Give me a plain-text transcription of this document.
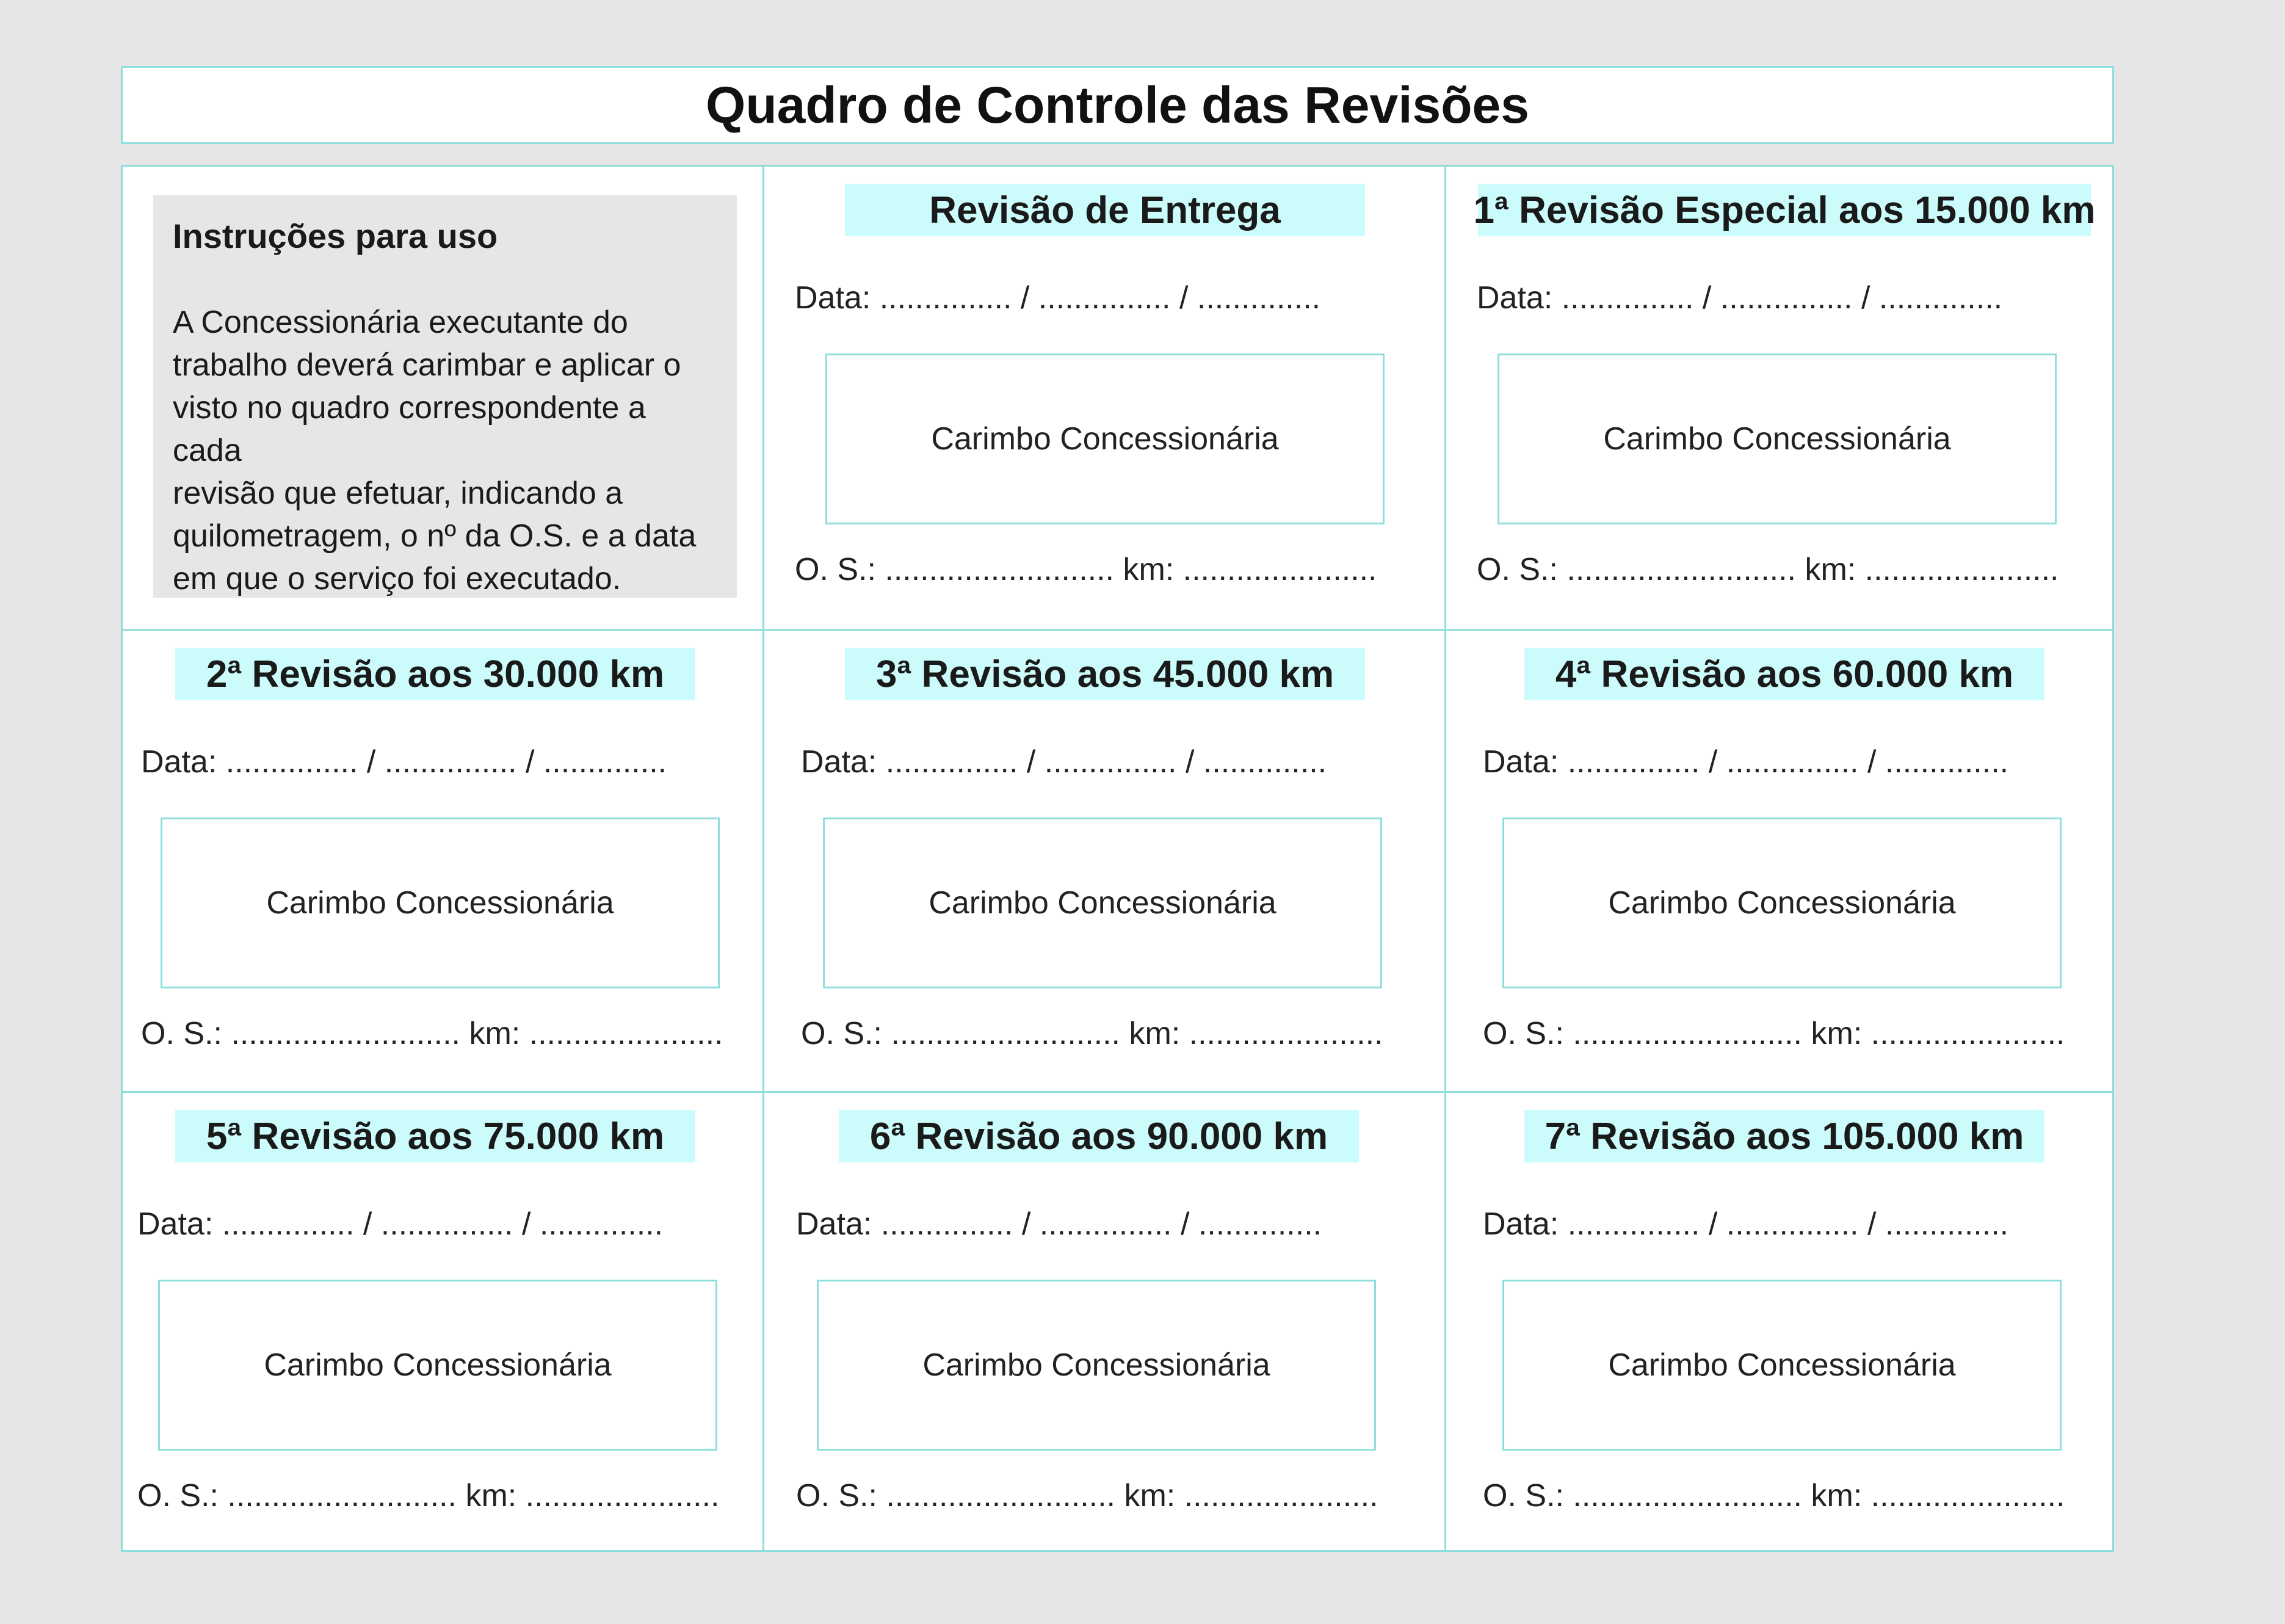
Quadro de Controle das Revisões

Instruções para uso

A Concessionária executante do
trabalho deverá carimbar e aplicar o
visto no quadro correspondente a cada
revisão que efetuar, indicando a
quilometragem, o nº da O.S. e a data
em que o serviço foi executado.

Revisão de Entrega
Data: ............... / ............... / ..............
Carimbo Concessionária
O. S.: .......................... km: ......................
1ª Revisão Especial aos 15.000 km
Data: ............... / ............... / ..............
Carimbo Concessionária
O. S.: .......................... km: ......................
2ª Revisão aos 30.000 km
Data: ............... / ............... / ..............
Carimbo Concessionária
O. S.: .......................... km: ......................
3ª Revisão aos 45.000 km
Data: ............... / ............... / ..............
Carimbo Concessionária
O. S.: .......................... km: ......................
4ª Revisão aos 60.000 km
Data: ............... / ............... / ..............
Carimbo Concessionária
O. S.: .......................... km: ......................
5ª Revisão aos 75.000 km
Data: ............... / ............... / ..............
Carimbo Concessionária
O. S.: .......................... km: ......................
6ª Revisão aos 90.000 km
Data: ............... / ............... / ..............
Carimbo Concessionária
O. S.: .......................... km: ......................
7ª Revisão aos 105.000 km
Data: ............... / ............... / ..............
Carimbo Concessionária
O. S.: .......................... km: ......................
